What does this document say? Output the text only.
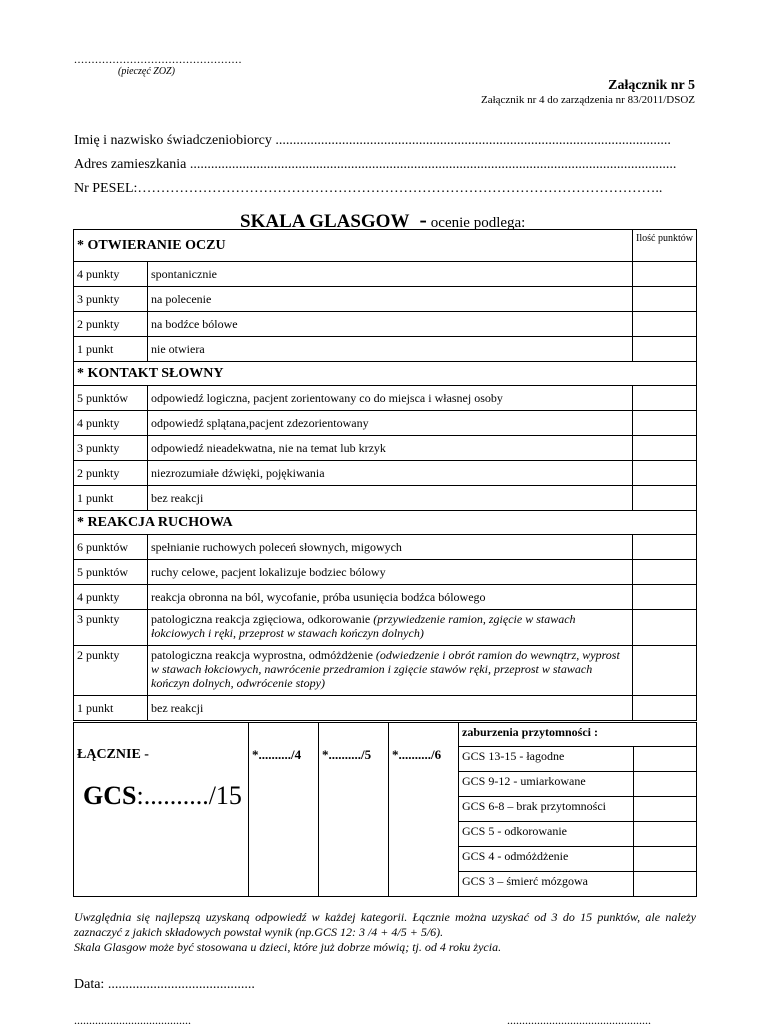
................................................
(pieczęć ZOZ)
Załącznik nr 5
Załącznik nr 4 do zarządzenia nr 83/2011/DSOZ
Imię i nazwisko świadczeniobiorcy .................................................................................................................
Adres zamieszkania ...........................................................................................................................................
Nr PESEL:…………………………………………………………………………………………………..
SKALA GLASGOW - ocenie podlega:
* OTWIERANIE OCZU		Ilość punktów
4 punkty	spontanicznie	
3 punkty	na polecenie	
2 punkty	na bodźce bólowe	
1 punkt	nie otwiera	
* KONTAKT SŁOWNY		
5 punktów	odpowiedź logiczna, pacjent zorientowany co do miejsca i własnej osoby	
4 punkty	odpowiedź splątana,pacjent zdezorientowany	
3 punkty	odpowiedź nieadekwatna, nie na temat lub krzyk	
2 punkty	niezrozumiałe dźwięki, pojękiwania	
1 punkt	bez reakcji	
* REAKCJA RUCHOWA		
6 punktów	spełnianie ruchowych poleceń słownych, migowych	
5 punktów	ruchy celowe, pacjent lokalizuje bodziec bólowy	
4 punkty	reakcja obronna na ból, wycofanie, próba usunięcia bodźca bólowego	
3 punkty	patologiczna reakcja zgięciowa, odkorowanie (przywiedzenie ramion, zgięcie w stawach łokciowych i ręki, przeprost w stawach kończyn dolnych)	
2 punkty	patologiczna reakcja wyprostna, odmóżdżenie (odwiedzenie i obrót ramion do wewnątrz, wyprost w stawach łokciowych, nawrócenie przedramion i zgięcie stawów ręki, przeprost w stawach kończyn dolnych, odwrócenie stopy)	
1 punkt	bez reakcji	
ŁĄCZNIE -
GCS:........../15	*........../4	*........../5	*........../6	zaburzenia przytomności :	
				GCS 13-15 - łagodne	
				GCS 9-12 - umiarkowane	
				GCS 6-8 – brak przytomności	
				GCS 5 - odkorowanie	
				GCS 4 - odmóżdżenie	
				GCS 3 – śmierć mózgowa	
Uwzględnia się najlepszą uzyskaną odpowiedź w każdej kategorii. Łącznie można uzyskać od 3 do 15 punktów, ale należy zaznaczyć z jakich składowych powstał wynik (np.GCS 12: 3 /4 + 4/5 + 5/6).
Skala Glasgow może być stosowana u dzieci, które już dobrze mówią; tj. od 4 roku życia.
Data: ..........................................
.......................................	................................................
